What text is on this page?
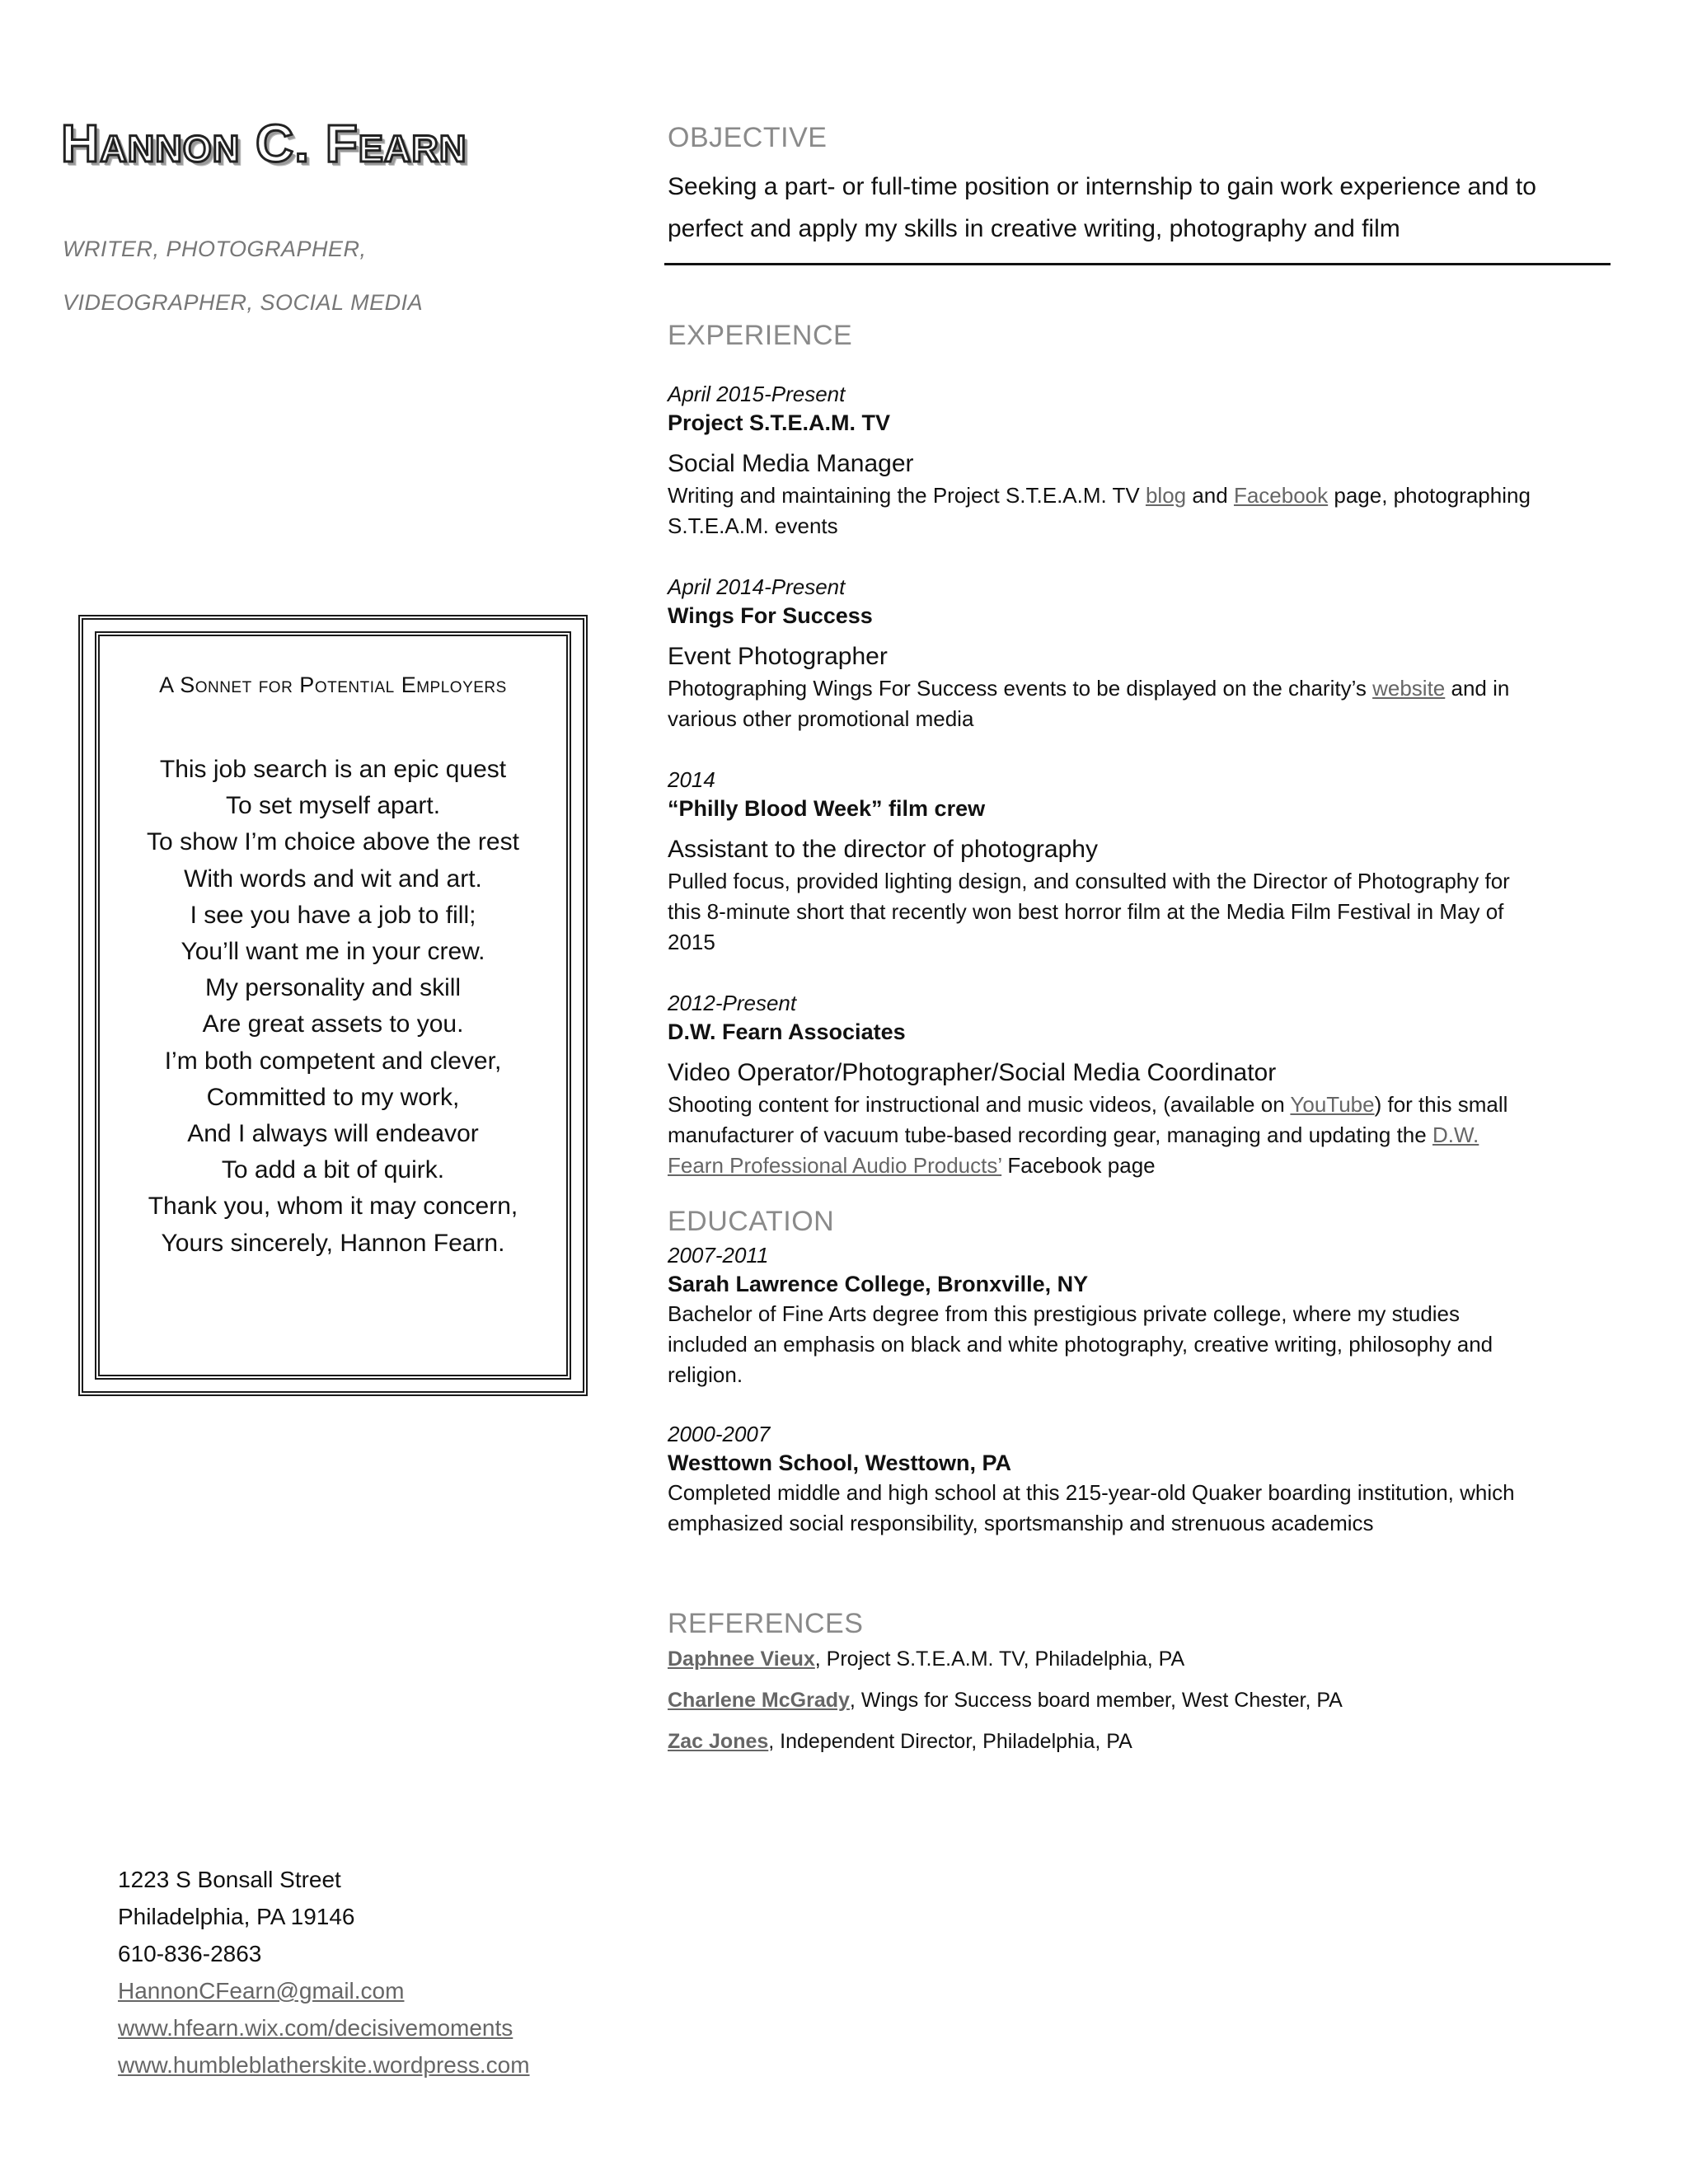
Hannon C. Fearn
WRITER, PHOTOGRAPHER,
VIDEOGRAPHER, SOCIAL MEDIA
A Sonnet for Potential Employers
This job search is an epic quest
To set myself apart.
To show I’m choice above the rest
With words and wit and art.
I see you have a job to fill;
You’ll want me in your crew.
My personality and skill
Are great assets to you.
I’m both competent and clever,
Committed to my work,
And I always will endeavor
To add a bit of quirk.
Thank you, whom it may concern,
Yours sincerely, Hannon Fearn.
1223 S Bonsall Street
Philadelphia, PA 19146
610-836-2863
HannonCFearn@gmail.com
www.hfearn.wix.com/decisivemoments
www.humbleblatherskite.wordpress.com
OBJECTIVE
Seeking a part- or full-time position or internship to gain work experience and to
perfect and apply my skills in creative writing, photography and film
EXPERIENCE
April 2015-Present
Project S.T.E.A.M. TV
Social Media Manager
Writing and maintaining the Project S.T.E.A.M. TV blog and Facebook page, photographing
S.T.E.A.M. events
April 2014-Present
Wings For Success
Event Photographer
Photographing Wings For Success events to be displayed on the charity’s website and in
various other promotional media
2014
“Philly Blood Week” film crew
Assistant to the director of photography
Pulled focus, provided lighting design, and consulted with the Director of Photography for
this 8-minute short that recently won best horror film at the Media Film Festival in May of
2015
2012-Present
D.W. Fearn Associates
Video Operator/Photographer/Social Media Coordinator
Shooting content for instructional and music videos, (available on YouTube) for this small
manufacturer of vacuum tube-based recording gear, managing and updating the D.W.
Fearn Professional Audio Products’ Facebook page
EDUCATION
2007-2011
Sarah Lawrence College, Bronxville, NY
Bachelor of Fine Arts degree from this prestigious private college, where my studies
included an emphasis on black and white photography, creative writing, philosophy and
religion.
2000-2007
Westtown School, Westtown, PA
Completed middle and high school at this 215-year-old Quaker boarding institution, which
emphasized social responsibility, sportsmanship and strenuous academics
REFERENCES
Daphnee Vieux, Project S.T.E.A.M. TV, Philadelphia, PA
Charlene McGrady, Wings for Success board member, West Chester, PA
Zac Jones, Independent Director, Philadelphia, PA
